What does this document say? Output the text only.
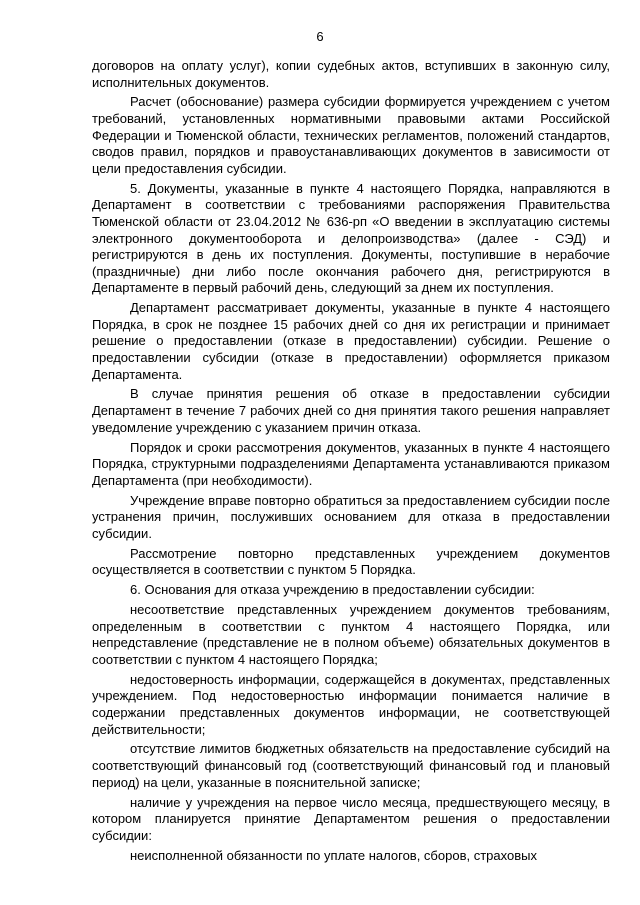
6

договоров на оплату услуг), копии судебных актов, вступивших в законную силу, исполнительных документов.

Расчет (обоснование) размера субсидии формируется учреждением с учетом требований, установленных нормативными правовыми актами Российской Федерации и Тюменской области, технических регламентов, положений стандартов, сводов правил, порядков и правоустанавливающих документов в зависимости от цели предоставления субсидии.

5. Документы, указанные в пункте 4 настоящего Порядка, направляются в Департамент в соответствии с требованиями распоряжения Правительства Тюменской области от 23.04.2012 № 636-рп «О введении в эксплуатацию системы электронного документооборота и делопроизводства» (далее - СЭД) и регистрируются в день их поступления. Документы, поступившие в нерабочие (праздничные) дни либо после окончания рабочего дня, регистрируются в Департаменте в первый рабочий день, следующий за днем их поступления.

Департамент рассматривает документы, указанные в пункте 4 настоящего Порядка, в срок не позднее 15 рабочих дней со дня их регистрации и принимает решение о предоставлении (отказе в предоставлении) субсидии. Решение о предоставлении субсидии (отказе в предоставлении) оформляется приказом Департамента.

В случае принятия решения об отказе в предоставлении субсидии Департамент в течение 7 рабочих дней со дня принятия такого решения направляет уведомление учреждению с указанием причин отказа.

Порядок и сроки рассмотрения документов, указанных в пункте 4 настоящего Порядка, структурными подразделениями Департамента устанавливаются приказом Департамента (при необходимости).

Учреждение вправе повторно обратиться за предоставлением субсидии после устранения причин, послуживших основанием для отказа в предоставлении субсидии.

Рассмотрение повторно представленных учреждением документов осуществляется в соответствии с пунктом 5 Порядка.

6. Основания для отказа учреждению в предоставлении субсидии:

несоответствие представленных учреждением документов требованиям, определенным в соответствии с пунктом 4 настоящего Порядка, или непредставление (представление не в полном объеме) обязательных документов в соответствии с пунктом 4 настоящего Порядка;

недостоверность информации, содержащейся в документах, представленных учреждением. Под недостоверностью информации понимается наличие в содержании представленных документов информации, не соответствующей действительности;

отсутствие лимитов бюджетных обязательств на предоставление субсидий на соответствующий финансовый год (соответствующий финансовый год и плановый период) на цели, указанные в пояснительной записке;

наличие у учреждения на первое число месяца, предшествующего месяцу, в котором планируется принятие Департаментом решения о предоставлении субсидии:

неисполненной обязанности по уплате налогов, сборов, страховых
